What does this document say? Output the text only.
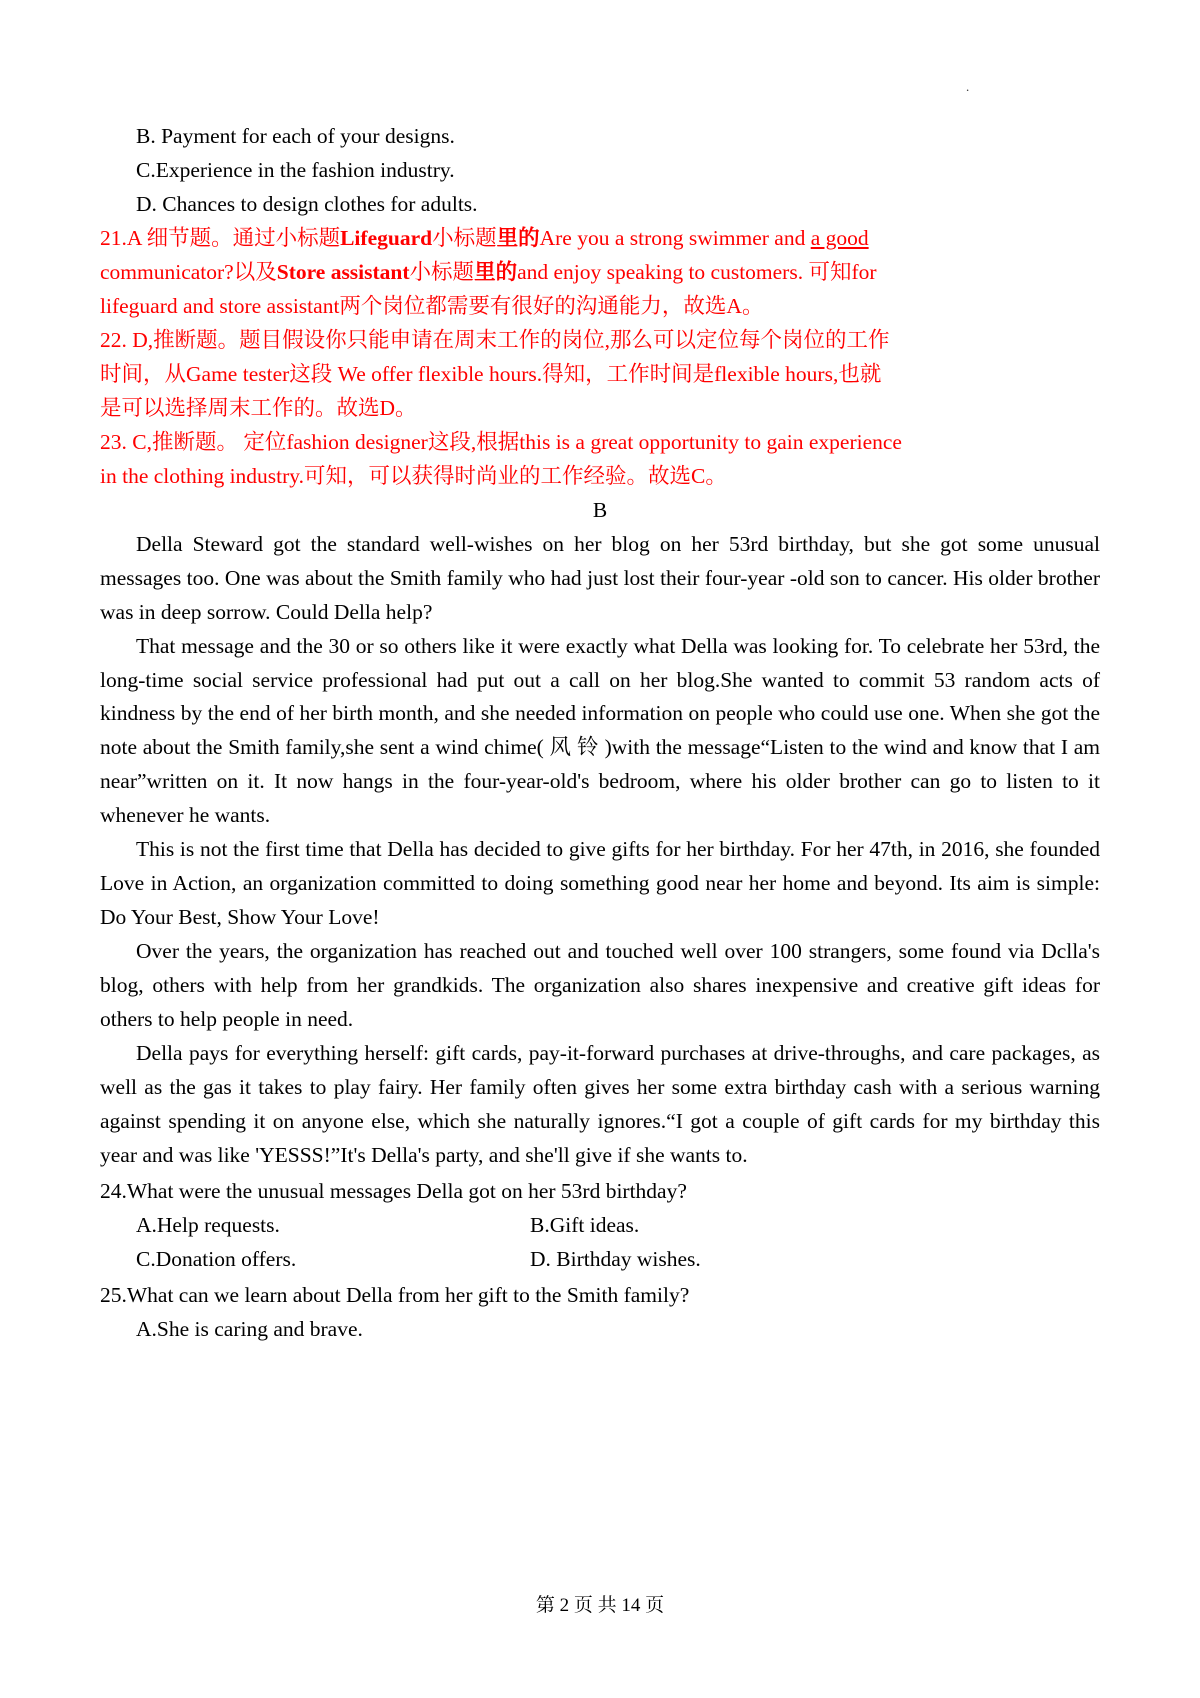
.

B. Payment for each of your designs.

C.Experience in the fashion industry.

D. Chances to design clothes for adults.

21.A 细节题。通过小标题Lifeguard小标题里的Are you a strong swimmer and a good
communicator?以及Store assistant小标题里的and enjoy speaking to customers. 可知for
lifeguard and store assistant两个岗位都需要有很好的沟通能力，故选A。

22. D,推断题。题目假设你只能申请在周末工作的岗位,那么可以定位每个岗位的工作
时间，从Game tester这段 We offer flexible hours.得知，工作时间是flexible hours,也就
是可以选择周末工作的。故选D。

23. C,推断题。 定位fashion designer这段,根据this is a great opportunity to gain experience
in the clothing industry.可知，可以获得时尚业的工作经验。故选C。

B

Della Steward got the standard well-wishes on her blog on her 53rd birthday, but she got some unusual messages too. One was about the Smith family who had just lost their four-year -old son to cancer. His older brother was in deep sorrow. Could Della help?

That message and the 30 or so others like it were exactly what Della was looking for. To celebrate her 53rd, the long-time social service professional had put out a call on her blog.She wanted to commit 53 random acts of kindness by the end of her birth month, and she needed information on people who could use one. When she got the note about the Smith family,she sent a wind chime( 风 铃 )with the message“Listen to the wind and know that I am near”written on it. It now hangs in the four-year-old's bedroom, where his older brother can go to listen to it whenever he wants.

This is not the first time that Della has decided to give gifts for her birthday. For her 47th, in 2016, she founded Love in Action, an organization committed to doing something good near her home and beyond. Its aim is simple: Do Your Best, Show Your Love!

Over the years, the organization has reached out and touched well over 100 strangers, some found via Dclla's blog, others with help from her grandkids. The organization also shares inexpensive and creative gift ideas for others to help people in need.

Della pays for everything herself: gift cards, pay-it-forward purchases at drive-throughs, and care packages, as well as the gas it takes to play fairy. Her family often gives her some extra birthday cash with a serious warning against spending it on anyone else, which she naturally ignores.“I got a couple of gift cards for my birthday this year and was like 'YESSS!”It's Della's party, and she'll give if she wants to.

24.What were the unusual messages Della got on her 53rd birthday?

A.Help requests.	B.Gift ideas.

C.Donation offers.	D. Birthday wishes.

25.What can we learn about Della from her gift to the Smith family?

A.She is caring and brave.

第 2 页 共 14 页
